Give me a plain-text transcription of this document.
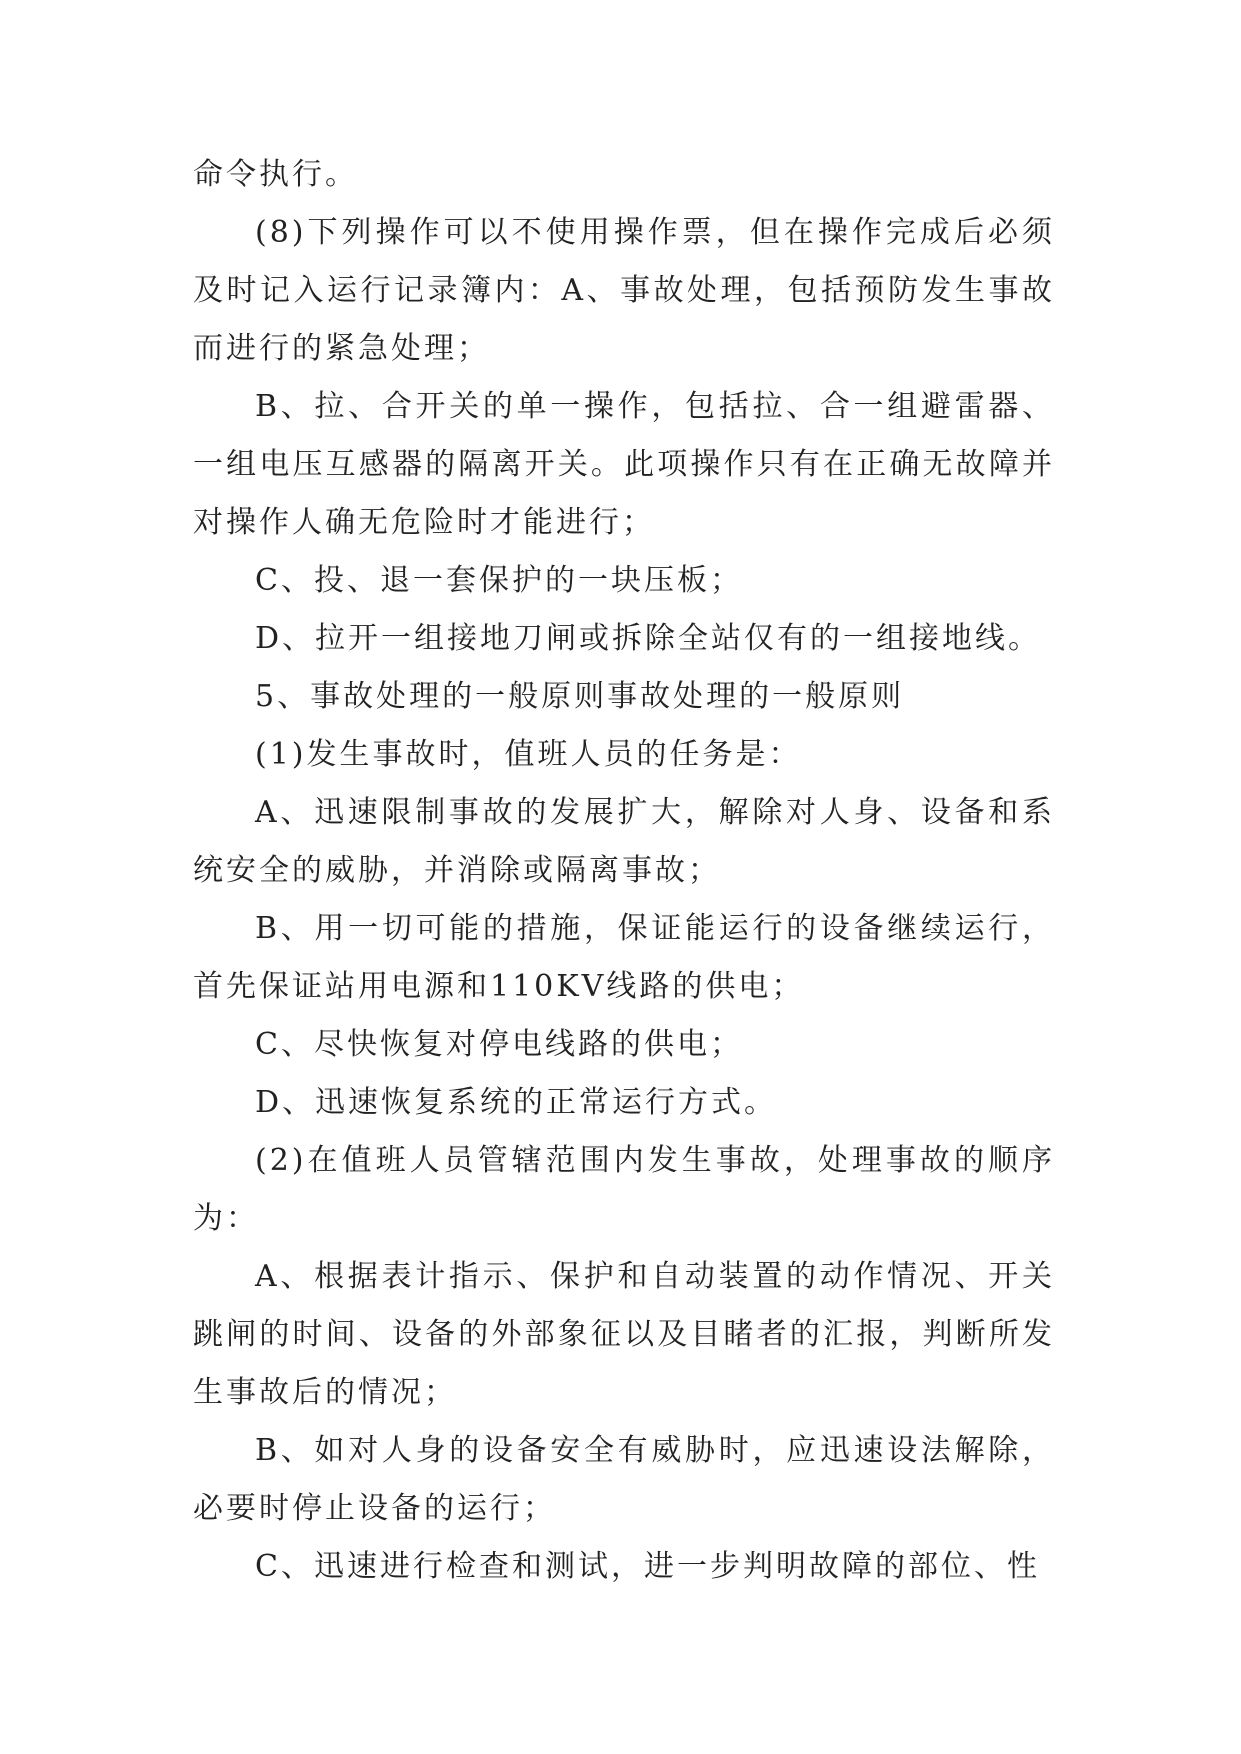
命令执行。

(8)下列操作可以不使用操作票，但在操作完成后必须及时记入运行记录簿内：A、事故处理，包括预防发生事故而进行的紧急处理；

B、拉、合开关的单一操作，包括拉、合一组避雷器、一组电压互感器的隔离开关。此项操作只有在正确无故障并对操作人确无危险时才能进行；

C、投、退一套保护的一块压板；

D、拉开一组接地刀闸或拆除全站仅有的一组接地线。

5、事故处理的一般原则事故处理的一般原则

(1)发生事故时，值班人员的任务是：

A、迅速限制事故的发展扩大，解除对人身、设备和系统安全的威胁，并消除或隔离事故；

B、用一切可能的措施，保证能运行的设备继续运行，首先保证站用电源和110KV线路的供电；

C、尽快恢复对停电线路的供电；

D、迅速恢复系统的正常运行方式。

(2)在值班人员管辖范围内发生事故，处理事故的顺序为：

A、根据表计指示、保护和自动装置的动作情况、开关跳闸的时间、设备的外部象征以及目睹者的汇报，判断所发生事故后的情况；

B、如对人身的设备安全有威胁时，应迅速设法解除，必要时停止设备的运行；

C、迅速进行检查和测试，进一步判明故障的部位、性
